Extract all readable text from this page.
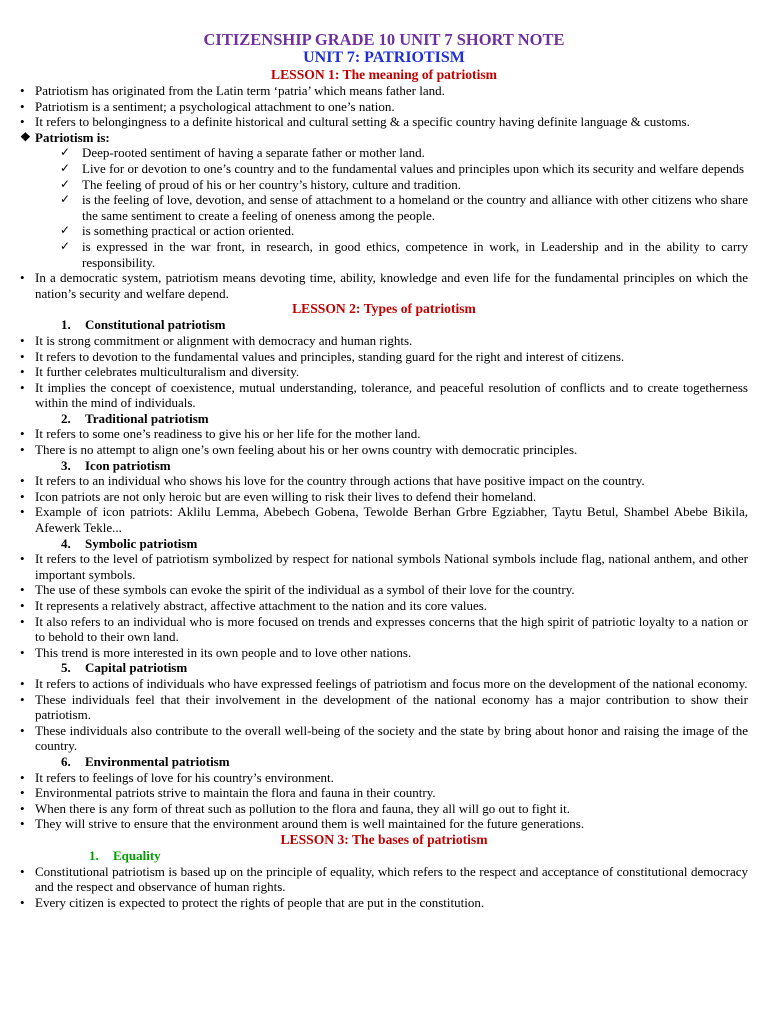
CITIZENSHIP GRADE 10 UNIT 7 SHORT NOTE
UNIT 7: PATRIOTISM
LESSON 1: The meaning of patriotism
• Patriotism has originated from the Latin term ‘patria’ which means father land.
• Patriotism is a sentiment; a psychological attachment to one’s nation.
• It refers to belongingness to a definite historical and cultural setting & a specific country having definite language & customs.
❖ Patriotism is:
✓ Deep-rooted sentiment of having a separate father or mother land.
✓ Live for or devotion to one’s country and to the fundamental values and principles upon which its security and welfare depends
✓ The feeling of proud of his or her country’s history, culture and tradition.
✓ is the feeling of love, devotion, and sense of attachment to a homeland or the country and alliance with other citizens who share the same sentiment to create a feeling of oneness among the people.
✓ is something practical or action oriented.
✓ is expressed in the war front, in research, in good ethics, competence in work, in Leadership and in the ability to carry responsibility.
• In a democratic system, patriotism means devoting time, ability, knowledge and even life for the fundamental principles on which the nation’s security and welfare depend.
LESSON 2: Types of patriotism
1. Constitutional patriotism
• It is strong commitment or alignment with democracy and human rights.
• It refers to devotion to the fundamental values and principles, standing guard for the right and interest of citizens.
• It further celebrates multiculturalism and diversity.
• It implies the concept of coexistence, mutual understanding, tolerance, and peaceful resolution of conflicts and to create togetherness within the mind of individuals.
2. Traditional patriotism
• It refers to some one’s readiness to give his or her life for the mother land.
• There is no attempt to align one’s own feeling about his or her owns country with democratic principles.
3. Icon patriotism
• It refers to an individual who shows his love for the country through actions that have positive impact on the country.
• Icon patriots are not only heroic but are even willing to risk their lives to defend their homeland.
• Example of icon patriots: Aklilu Lemma, Abebech Gobena, Tewolde Berhan Grbre Egziabher, Taytu Betul, Shambel Abebe Bikila, Afewerk Tekle...
4. Symbolic patriotism
• It refers to the level of patriotism symbolized by respect for national symbols National symbols include flag, national anthem, and other important symbols.
• The use of these symbols can evoke the spirit of the individual as a symbol of their love for the country.
• It represents a relatively abstract, affective attachment to the nation and its core values.
• It also refers to an individual who is more focused on trends and expresses concerns that the high spirit of patriotic loyalty to a nation or to behold to their own land.
• This trend is more interested in its own people and to love other nations.
5. Capital patriotism
• It refers to actions of individuals who have expressed feelings of patriotism and focus more on the development of the national economy.
• These individuals feel that their involvement in the development of the national economy has a major contribution to show their patriotism.
• These individuals also contribute to the overall well-being of the society and the state by bring about honor and raising the image of the country.
6. Environmental patriotism
• It refers to feelings of love for his country’s environment.
• Environmental patriots strive to maintain the flora and fauna in their country.
• When there is any form of threat such as pollution to the flora and fauna, they all will go out to fight it.
• They will strive to ensure that the environment around them is well maintained for the future generations.
LESSON 3: The bases of patriotism
1. Equality
• Constitutional patriotism is based up on the principle of equality, which refers to the respect and acceptance of constitutional democracy and the respect and observance of human rights.
• Every citizen is expected to protect the rights of people that are put in the constitution.
